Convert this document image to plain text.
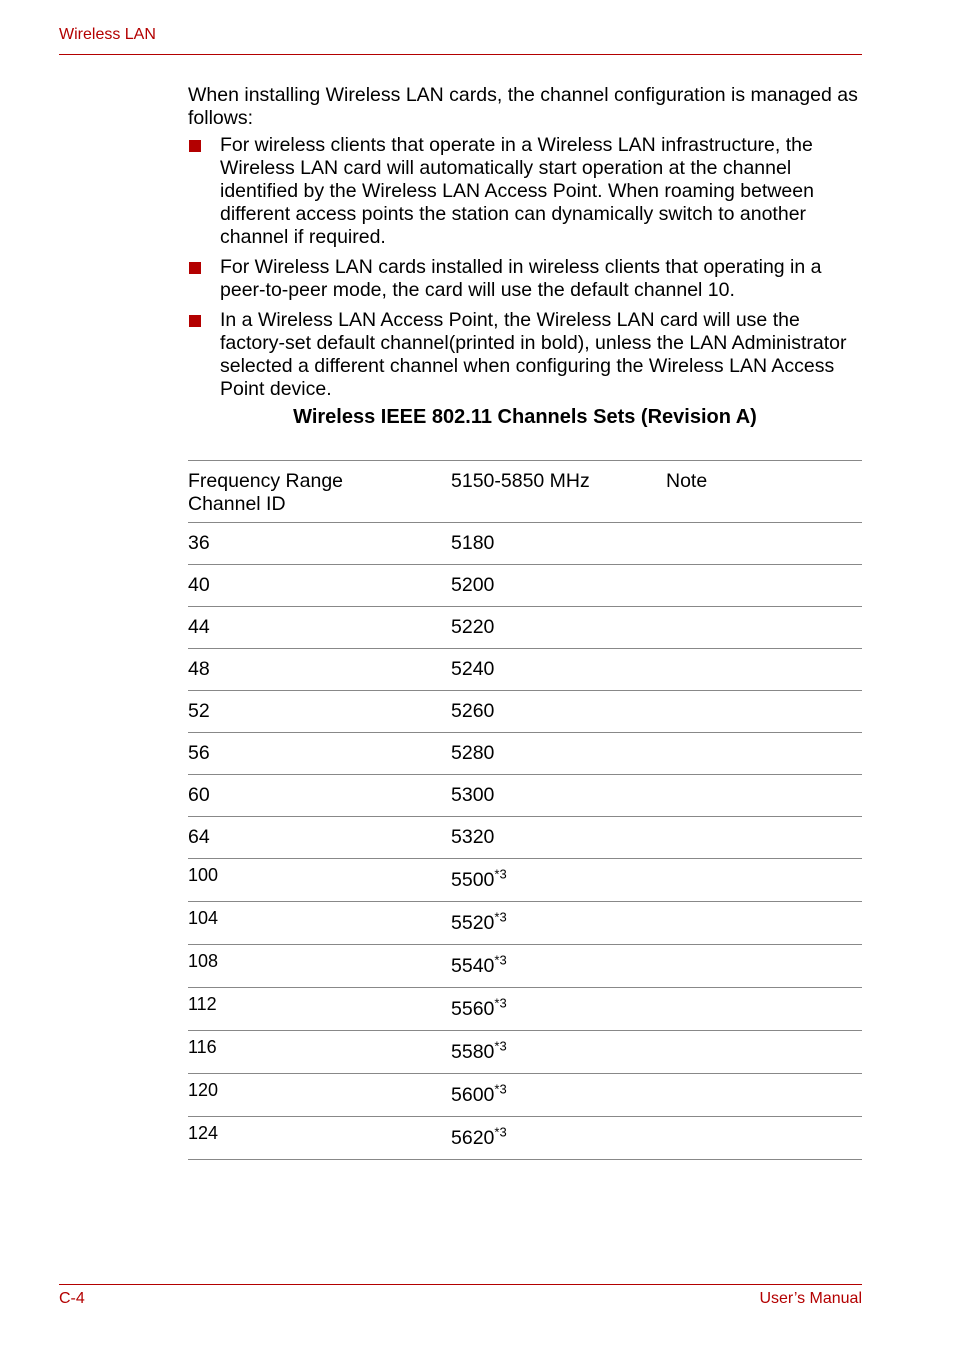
Wireless LAN

When installing Wireless LAN cards, the channel configuration is managed as follows:

For wireless clients that operate in a Wireless LAN infrastructure, the Wireless LAN card will automatically start operation at the channel identified by the Wireless LAN Access Point. When roaming between different access points the station can dynamically switch to another channel if required.
For Wireless LAN cards installed in wireless clients that operating in a peer-to-peer mode, the card will use the default channel 10.
In a Wireless LAN Access Point, the Wireless LAN card will use the factory-set default channel(printed in bold), unless the LAN Administrator selected a different channel when configuring the Wireless LAN Access Point device.

Wireless IEEE 802.11 Channels Sets (Revision A)

Frequency Range
Channel ID	5150-5850 MHz	Note
36	5180	
40	5200	
44	5220	
48	5240	
52	5260	
56	5280	
60	5300	
64	5320	

100	5500$^{*3}$

104	5520$^{*3}$

108	5540$^{*3}$

112	5560$^{*3}$

116	5580$^{*3}$

120	5600$^{*3}$

124	5620$^{*3}$

C-4	User’s Manual
